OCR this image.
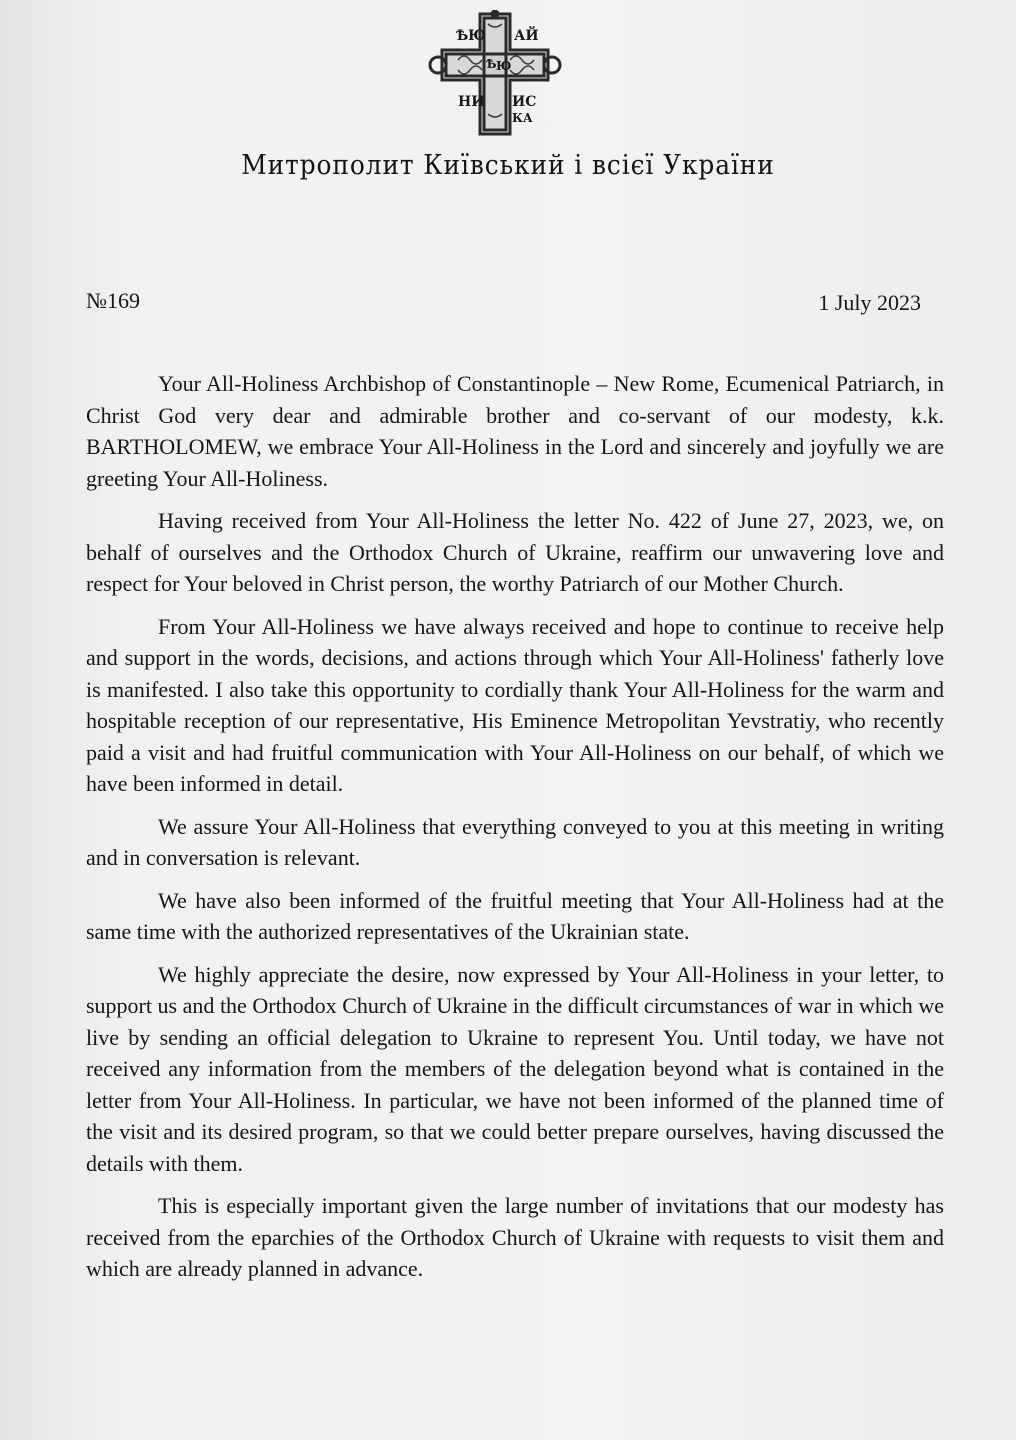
Ѣ Ю АЙ
Ѣ Ю
ИС
НИ
КА
Митрополит Київський і всієї України
№169	1 July 2023

Your All-Holiness Archbishop of Constantinople – New Rome, Ecumenical Patriarch, in Christ God very dear and admirable brother and co-servant of our modesty, k.k. BARTHOLOMEW, we embrace Your All-Holiness in the Lord and sincerely and joyfully we are greeting Your All-Holiness.

Having received from Your All-Holiness the letter No. 422 of June 27, 2023, we, on behalf of ourselves and the Orthodox Church of Ukraine, reaffirm our unwavering love and respect for Your beloved in Christ person, the worthy Patriarch of our Mother Church.

From Your All-Holiness we have always received and hope to continue to receive help and support in the words, decisions, and actions through which Your All-Holiness' fatherly love is manifested. I also take this opportunity to cordially thank Your All-Holiness for the warm and hospitable reception of our representative, His Eminence Metropolitan Yevstratiy, who recently paid a visit and had fruitful communication with Your All-Holiness on our behalf, of which we have been informed in detail.

We assure Your All-Holiness that everything conveyed to you at this meeting in writing and in conversation is relevant.

We have also been informed of the fruitful meeting that Your All-Holiness had at the same time with the authorized representatives of the Ukrainian state.

We highly appreciate the desire, now expressed by Your All-Holiness in your letter, to support us and the Orthodox Church of Ukraine in the difficult circumstances of war in which we live by sending an official delegation to Ukraine to represent You. Until today, we have not received any information from the members of the delegation beyond what is contained in the letter from Your All-Holiness. In particular, we have not been informed of the planned time of the visit and its desired program, so that we could better prepare ourselves, having discussed the details with them.

This is especially important given the large number of invitations that our modesty has received from the eparchies of the Orthodox Church of Ukraine with requests to visit them and which are already planned in advance.
